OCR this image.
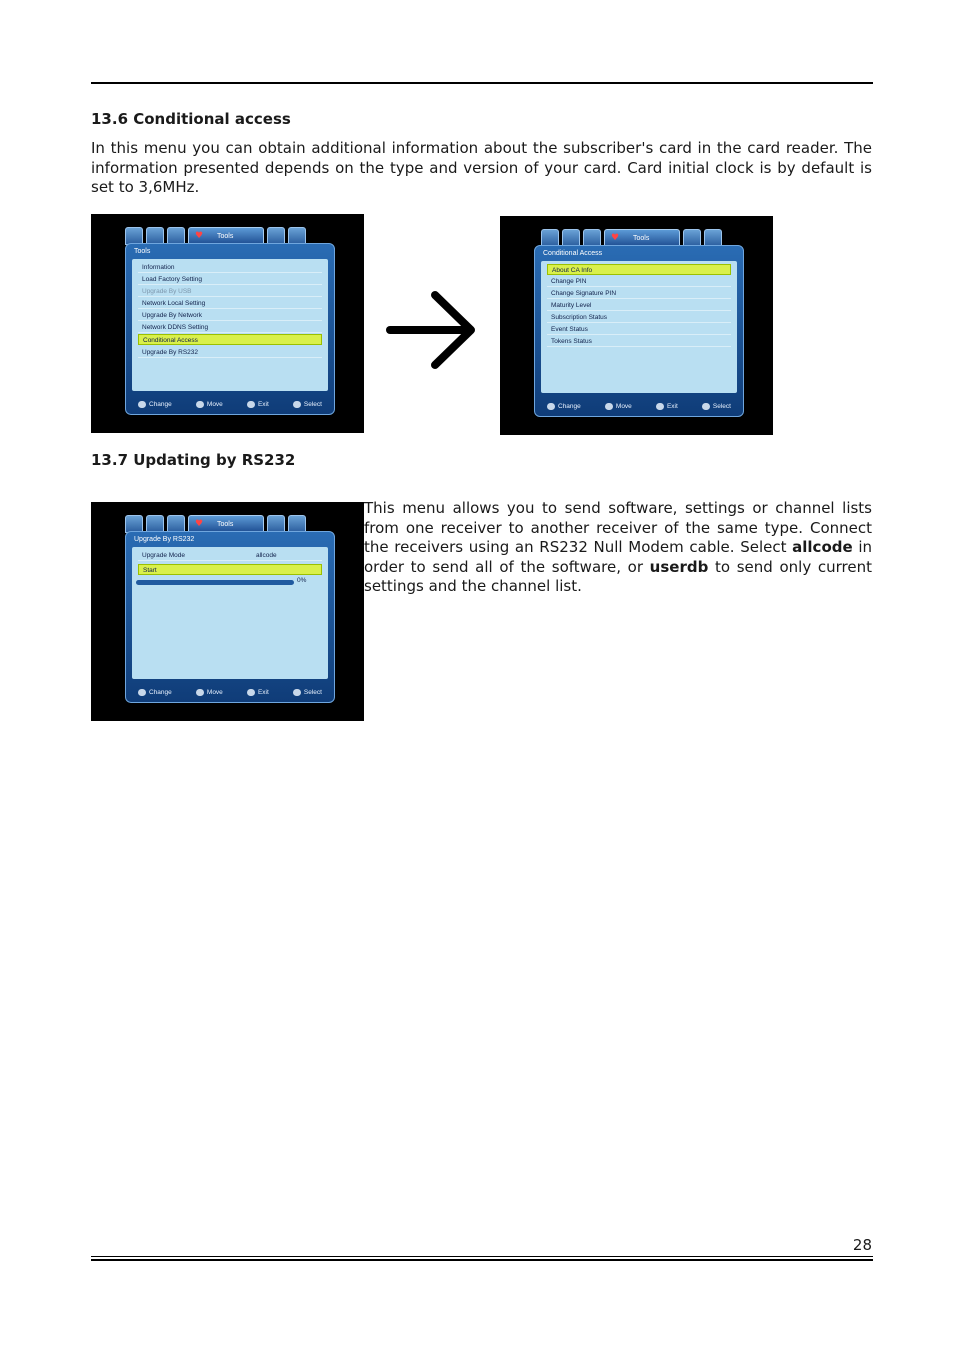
13.6 Conditional access

In this menu you can obtain additional information about the subscriber's card in the card reader. The information presented depends on the type and version of your card. Card initial clock is by default is set to 3,6MHz.

♥ Tools
Tools
Information
Load Factory Setting
Upgrade By USB
Network Local Setting
Upgrade By Network
Network DDNS Setting
Conditional Access
Upgrade By RS232
Change	Move	Exit	Select
♥ Tools
Conditional Access
About CA Info
Change PIN
Change Signature PIN
Maturity Level
Subscription Status
Event Status
Tokens Status
Change	Move	Exit	Select
13.7 Updating by RS232
♥ Tools
Upgrade By RS232
Upgrade Mode	allcode
Start
0%
Change	Move	Exit	Select

This menu allows you to send software, settings or channel lists from one receiver to another receiver of the same type. Connect the receivers using an RS232 Null Modem cable. Select allcode in order to send all of the software, or userdb to send only current settings and the channel list.

28
